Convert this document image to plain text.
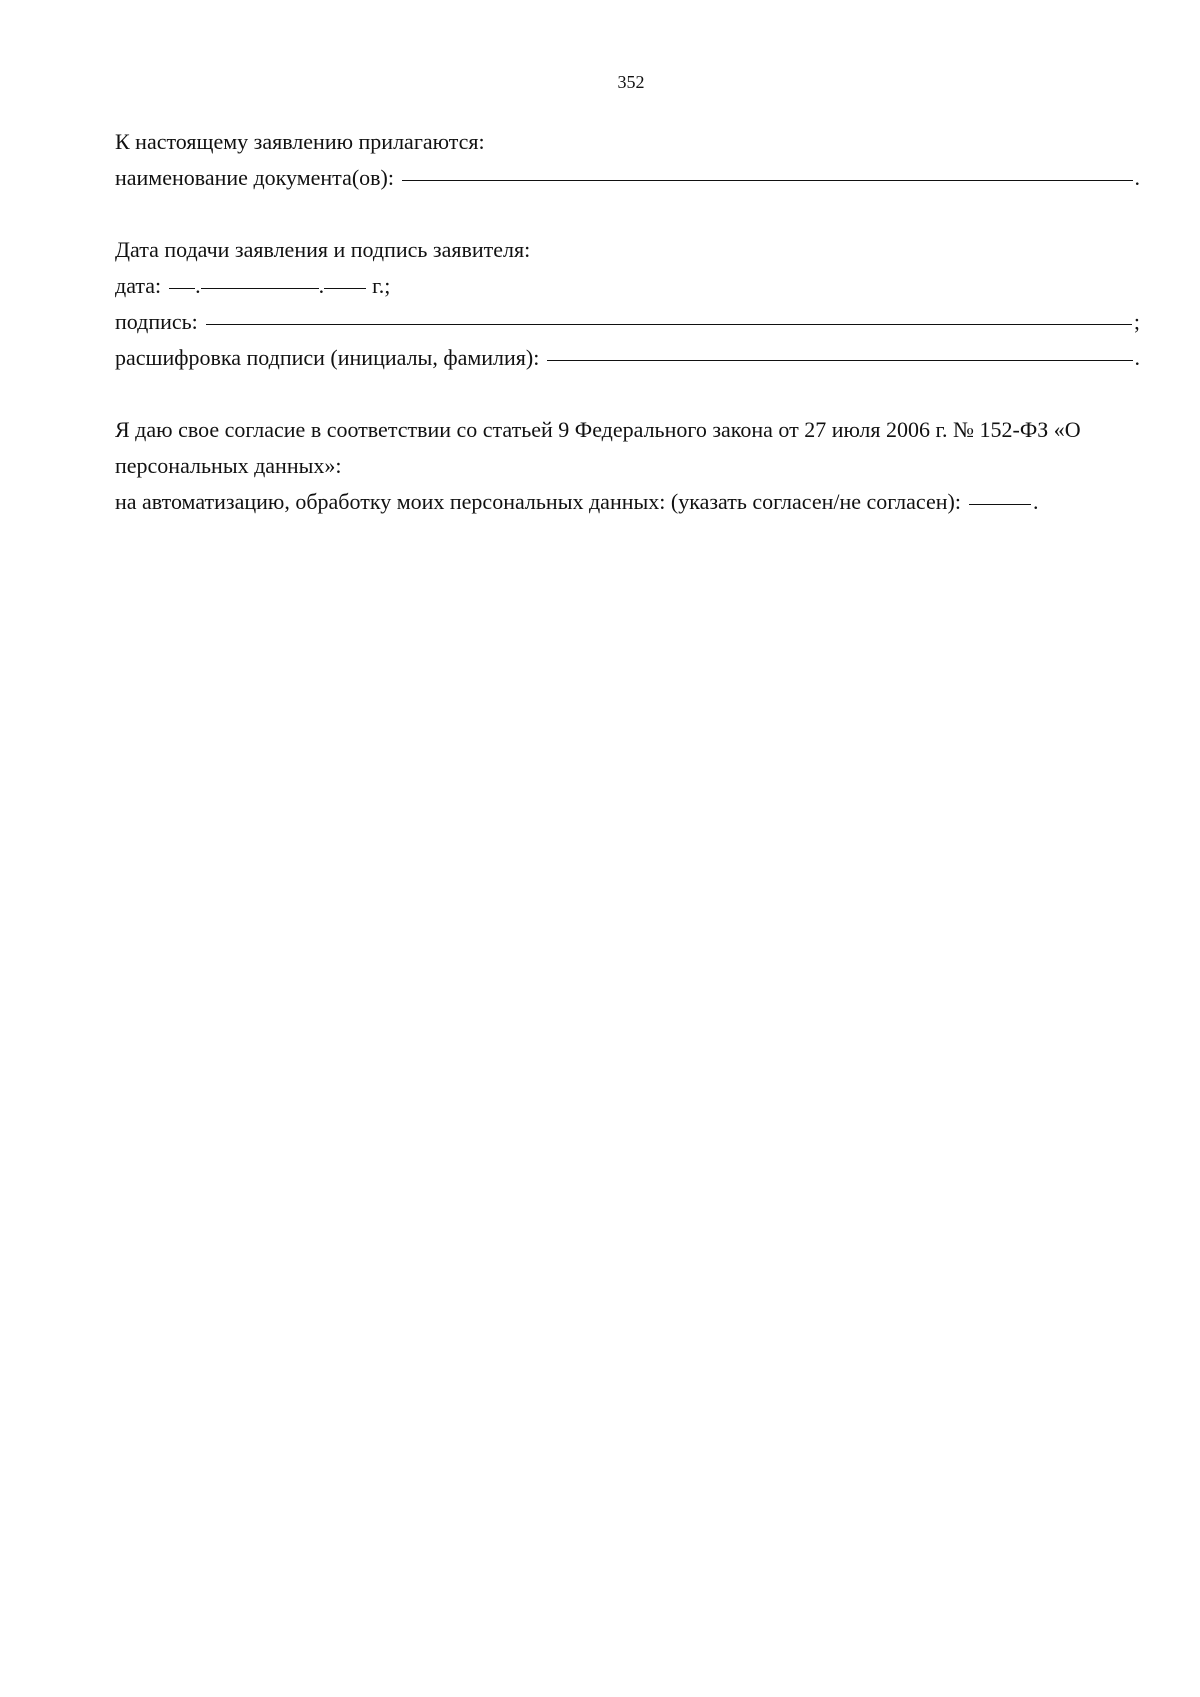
352
К настоящему заявлению прилагаются:
наименование документа(ов):	.
Дата подачи заявления и подпись заявителя:
дата: .	. г.;
подпись:	;
расшифровка подписи (инициалы, фамилия):	.
Я даю свое согласие в соответствии со статьей 9 Федерального закона от 27 июля 2006 г. № 152-ФЗ «О персональных данных»:
на автоматизацию, обработку моих персональных данных: (указать согласен/не согласен):	.
